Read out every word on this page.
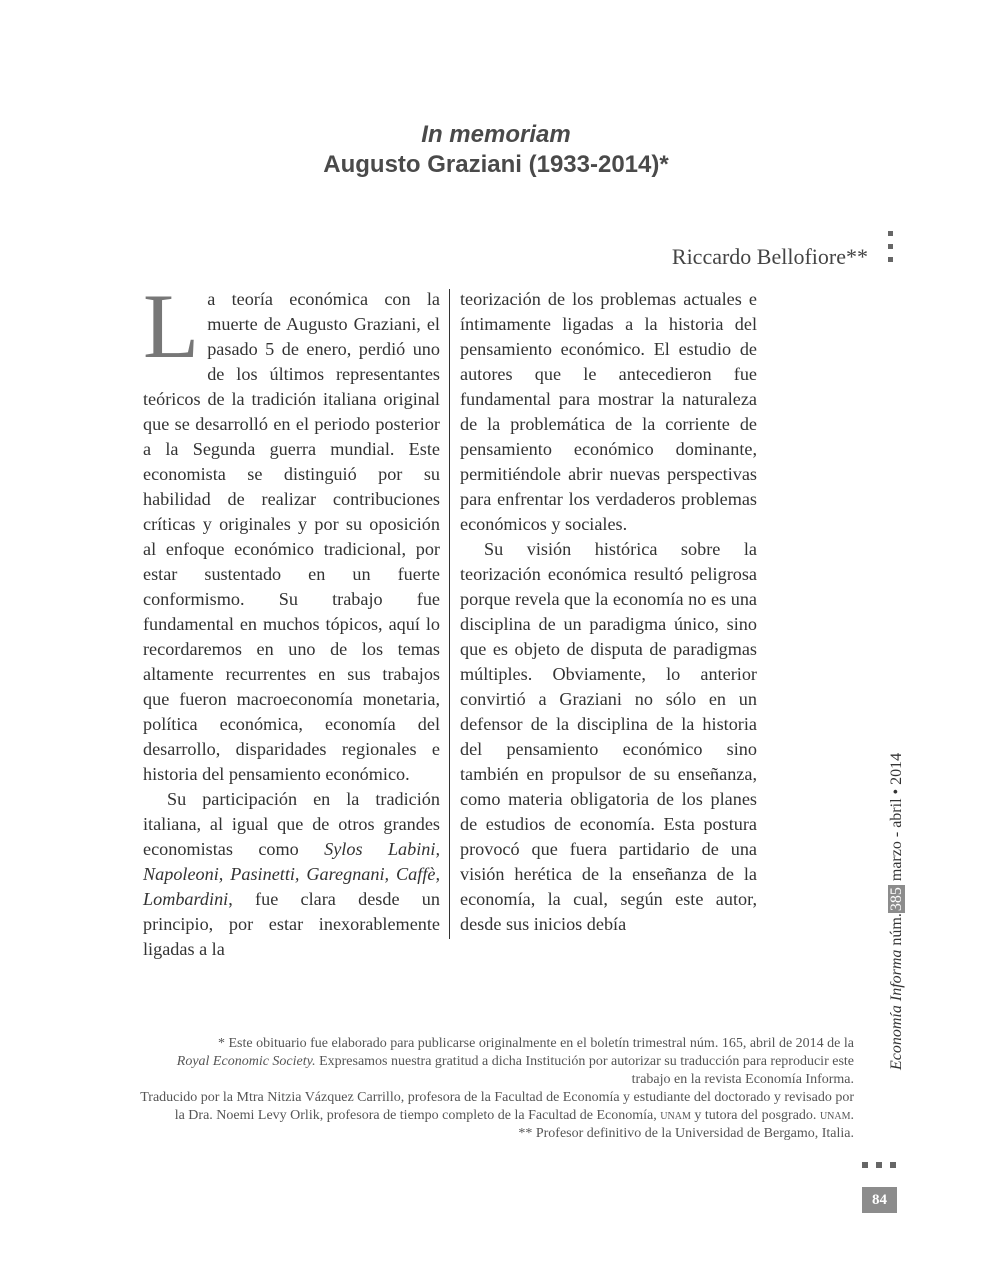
In memoriam
Augusto Graziani (1933-2014)*
Riccardo Bellofiore**

La teoría económica con la muerte de Augusto Graziani, el pasado 5 de enero, perdió uno de los últimos representantes teóricos de la tradición italiana original que se desarrolló en el periodo posterior a la Segunda guerra mundial. Este economista se distinguió por su habilidad de realizar contribuciones críticas y originales y por su oposición al enfoque económico tradicional, por estar sustentado en un fuerte conformismo. Su trabajo fue fundamental en muchos tópicos, aquí lo recordaremos en uno de los temas altamente recurrentes en sus trabajos que fueron macroeconomía monetaria, política económica, economía del desarrollo, disparidades regionales e historia del pensamiento económico.

Su participación en la tradición italiana, al igual que de otros grandes economistas como Sylos Labini, Napoleoni, Pasinetti, Garegnani, Caffè, Lombardini, fue clara desde un principio, por estar inexorablemente ligadas a la

teorización de los problemas actuales e íntimamente ligadas a la historia del pensamiento económico. El estudio de autores que le antecedieron fue fundamental para mostrar la naturaleza de la problemática de la corriente de pensamiento económico dominante, permitiéndole abrir nuevas perspectivas para enfrentar los verdaderos problemas económicos y sociales.

Su visión histórica sobre la teorización económica resultó peligrosa porque revela que la economía no es una disciplina de un paradigma único, sino que es objeto de disputa de paradigmas múltiples. Obviamente, lo anterior convirtió a Graziani no sólo en un defensor de la disciplina de la historia del pensamiento económico sino también en propulsor de su enseñanza, como materia obligatoria de los planes de estudios de economía. Esta postura provocó que fuera partidario de una visión herética de la enseñanza de la economía, la cual, según este autor, desde sus inicios debía

* Este obituario fue elaborado para publicarse originalmente en el boletín trimestral núm. 165, abril de 2014 de la
Royal Economic Society. Expresamos nuestra gratitud a dicha Institución por autorizar su traducción para reproducir este trabajo en la revista Economía Informa.

Traducido por la Mtra Nitzia Vázquez Carrillo, profesora de la Facultad de Economía y estudiante del doctorado y revisado por la Dra. Noemi Levy Orlik, profesora de tiempo completo de la Facultad de Economía, unam y tutora del posgrado. unam.

** Profesor definitivo de la Universidad de Bergamo, Italia.

Economía Informa núm.385 marzo - abril • 2014
84
